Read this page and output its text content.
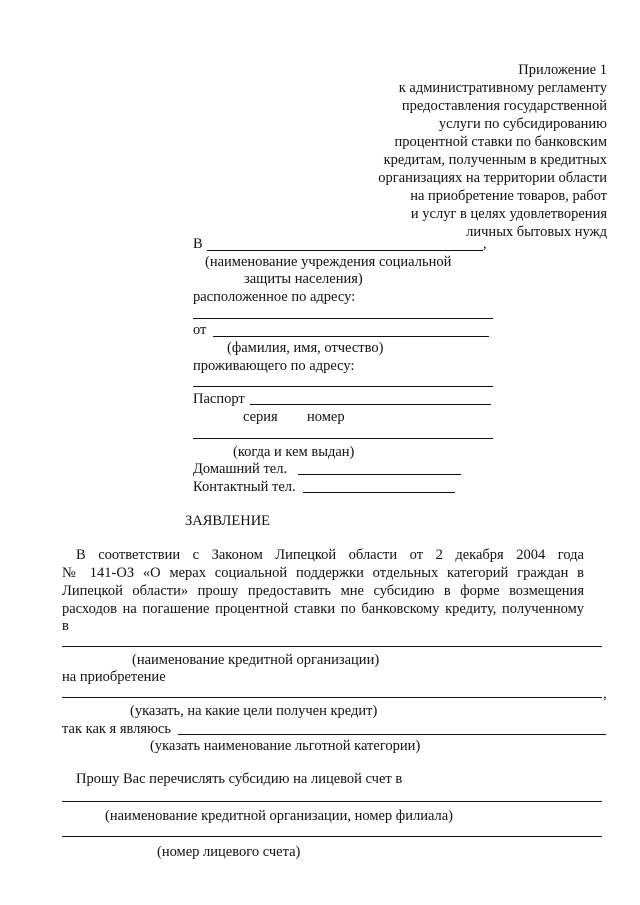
Приложение 1
к административному регламенту
предоставления государственной
услуги по субсидированию
процентной ставки по банковским
кредитам, полученным в кредитных
организациях на территории области
на приобретение товаров, работ
и услуг в целях удовлетворения
личных бытовых нужд
В	,
(наименование учреждения социальной
защиты населения)
расположенное по адресу:
от
(фамилия, имя, отчество)
проживающего по адресу:
Паспорт
серия номер
(когда и кем выдан)
Домашний тел.
Контактный тел.
ЗАЯВЛЕНИЕ
В соответствии с Законом Липецкой области от 2 декабря 2004 года
№ 141-ОЗ «О мерах социальной поддержки отдельных категорий граждан в
Липецкой области» прошу предоставить мне субсидию в форме возмещения
расходов на погашение процентной ставки по банковскому кредиту, полученному
в
(наименование кредитной организации)
на приобретение
,
(указать, на какие цели получен кредит)
так как я являюсь
(указать наименование льготной категории)
Прошу Вас перечислять субсидию на лицевой счет в
(наименование кредитной организации, номер филиала)
(номер лицевого счета)
